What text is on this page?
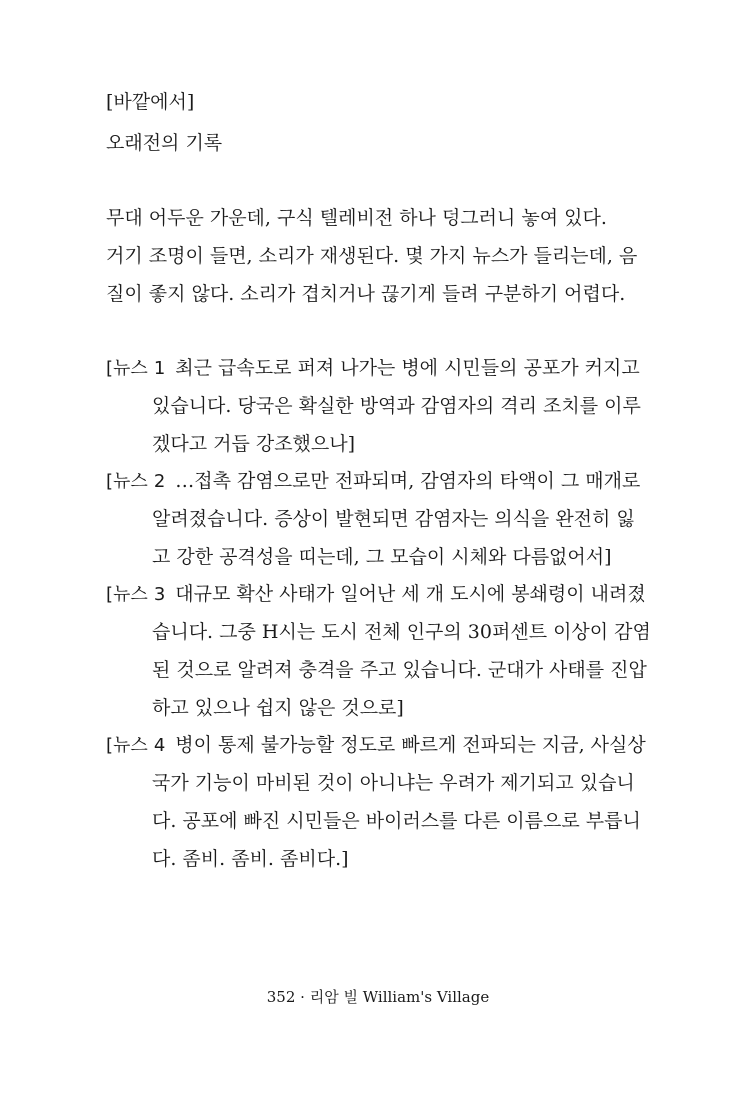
[바깥에서]
오래전의 기록
무대 어두운 가운데, 구식 텔레비전 하나 덩그러니 놓여 있다.
거기 조명이 들면, 소리가 재생된다. 몇 가지 뉴스가 들리는데, 음
질이 좋지 않다. 소리가 겹치거나 끊기게 들려 구분하기 어렵다.
[뉴스 1 최근 급속도로 퍼져 나가는 병에 시민들의 공포가 커지고
있습니다. 당국은 확실한 방역과 감염자의 격리 조치를 이루
겠다고 거듭 강조했으나]
[뉴스 2 …접촉 감염으로만 전파되며, 감염자의 타액이 그 매개로
알려졌습니다. 증상이 발현되면 감염자는 의식을 완전히 잃
고 강한 공격성을 띠는데, 그 모습이 시체와 다름없어서]
[뉴스 3 대규모 확산 사태가 일어난 세 개 도시에 봉쇄령이 내려졌
습니다. 그중 H시는 도시 전체 인구의 30퍼센트 이상이 감염
된 것으로 알려져 충격을 주고 있습니다. 군대가 사태를 진압
하고 있으나 쉽지 않은 것으로]
[뉴스 4 병이 통제 불가능할 정도로 빠르게 전파되는 지금, 사실상
국가 기능이 마비된 것이 아니냐는 우려가 제기되고 있습니
다. 공포에 빠진 시민들은 바이러스를 다른 이름으로 부릅니
다. 좀비. 좀비. 좀비다.]
352 · 리암 빌 William's Village
